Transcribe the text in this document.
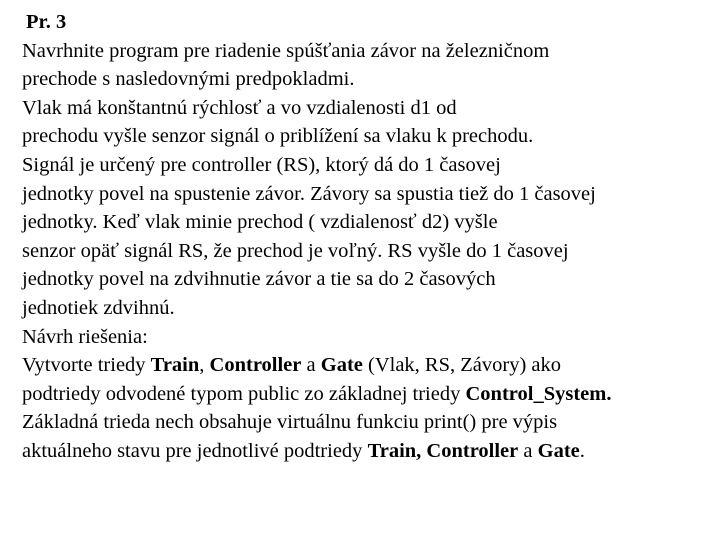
Pr. 3
Navrhnite program pre riadenie spúšťania závor na železničnom
prechode s nasledovnými predpokladmi.
Vlak má konštantnú rýchlosť a vo vzdialenosti d1 od
prechodu vyšle senzor signál o priblížení sa vlaku k prechodu.
Signál je určený pre controller (RS), ktorý dá do 1 časovej
jednotky povel na spustenie závor. Závory sa spustia tiež do 1 časovej
jednotky. Keď vlak minie prechod ( vzdialenosť d2) vyšle
senzor opäť signál RS, že prechod je voľný. RS vyšle do 1 časovej
jednotky povel na zdvihnutie závor a tie sa do 2 časových
jednotiek zdvihnú.
Návrh riešenia:
Vytvorte triedy Train, Controller a Gate (Vlak, RS, Závory) ako
podtriedy odvodené typom public zo základnej triedy Control_System.
Základná trieda nech obsahuje virtuálnu funkciu print() pre výpis
aktuálneho stavu pre jednotlivé podtriedy Train, Controller a Gate.
